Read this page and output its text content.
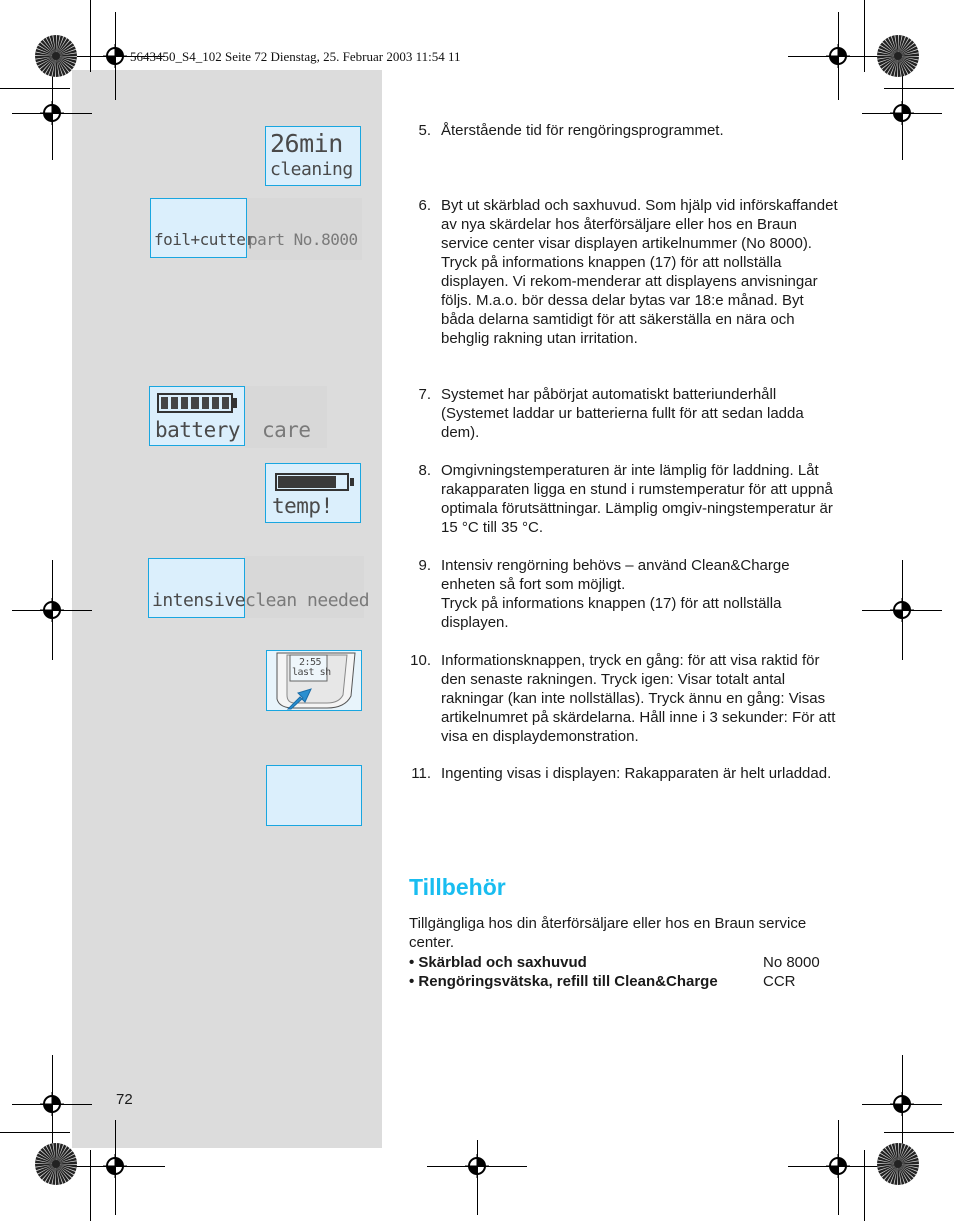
5643450_S4_102 Seite 72 Dienstag, 25. Februar 2003 11:54 11
26min
cleaning
foil+cutter
part No.8000
battery care
temp!
intensive clean needed
2:55
last sh
5. Återstående tid för rengöringsprogrammet.
6. Byt ut skärblad och saxhuvud. Som hjälp vid införskaffandet av nya skärdelar hos återförsäljare eller hos en Braun service center visar displayen artikelnummer (No 8000). Tryck på informations knappen (17) för att nollställa displayen. Vi rekom-menderar att displayens anvisningar följs. M.a.o. bör dessa delar bytas var 18:e månad. Byt båda delarna samtidigt för att säkerställa en nära och behglig rakning utan irritation.
7. Systemet har påbörjat automatiskt batteriunderhåll (Systemet laddar ur batterierna fullt för att sedan ladda dem).
8. Omgivningstemperaturen är inte lämplig för laddning. Låt rakapparaten ligga en stund i rumstemperatur för att uppnå optimala förutsättningar. Lämplig omgiv-ningstemperatur är 15 °C till 35 °C.
9. Intensiv rengörning behövs – använd Clean&Charge enheten så fort som möjligt.
Tryck på informations knappen (17) för att nollställa displayen.
10. Informationsknappen, tryck en gång: för att visa raktid för den senaste rakningen. Tryck igen: Visar totalt antal rakningar (kan inte nollställas). Tryck ännu en gång: Visas artikelnumret på skärdelarna. Håll inne i 3 sekunder: För att visa en displaydemonstration.
11. Ingenting visas i displayen: Rakapparaten är helt urladdad.
Tillbehör
Tillgängliga hos din återförsäljare eller hos en Braun service center.
• Skärblad och saxhuvud	No 8000
• Rengöringsvätska, refill till Clean&Charge	CCR
72
